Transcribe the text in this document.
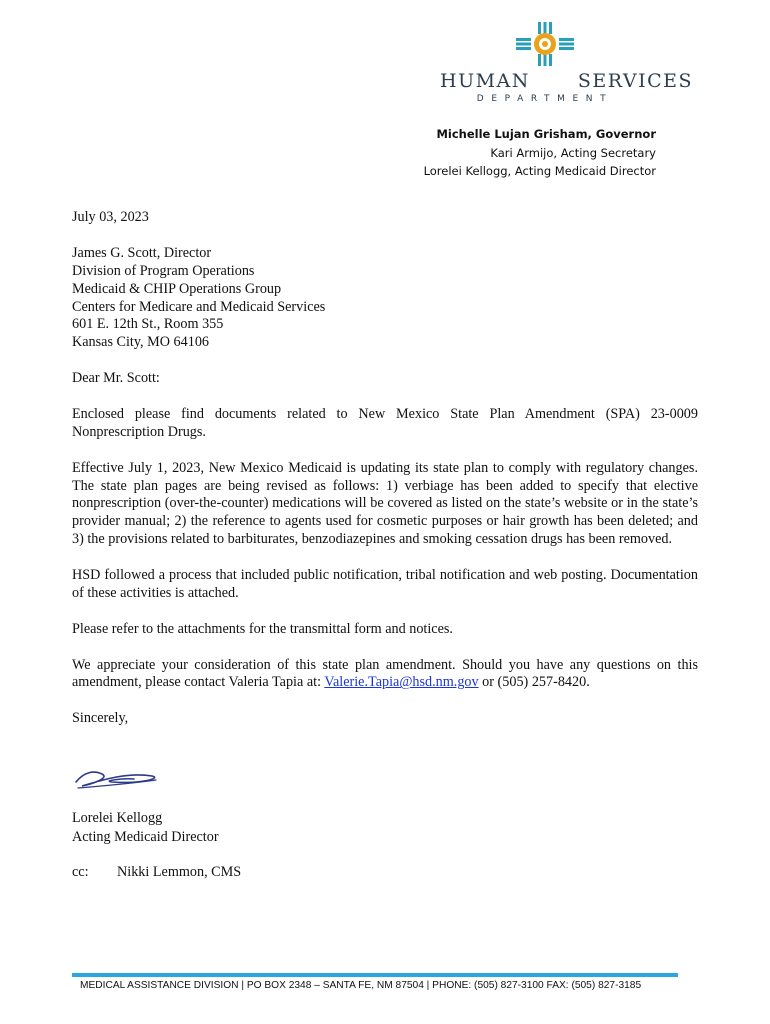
HUMAN	SERVICES
DEPARTMENT
Michelle Lujan Grisham, Governor
Kari Armijo, Acting Secretary
Lorelei Kellogg, Acting Medicaid Director

July 03, 2023

James G. Scott, Director
Division of Program Operations
Medicaid & CHIP Operations Group
Centers for Medicare and Medicaid Services
601 E. 12th St., Room 355
Kansas City, MO 64106

Dear Mr. Scott:

Enclosed please find documents related to New Mexico State Plan Amendment (SPA) 23-0009 Nonprescription Drugs.

Effective July 1, 2023, New Mexico Medicaid is updating its state plan to comply with regulatory changes. The state plan pages are being revised as follows: 1) verbiage has been added to specify that elective nonprescription (over-the-counter) medications will be covered as listed on the state’s website or in the state’s provider manual; 2) the reference to agents used for cosmetic purposes or hair growth has been deleted; and 3) the provisions related to barbiturates, benzodiazepines and smoking cessation drugs has been removed.

HSD followed a process that included public notification, tribal notification and web posting. Documentation of these activities is attached.

Please refer to the attachments for the transmittal form and notices.

We appreciate your consideration of this state plan amendment. Should you have any questions on this amendment, please contact Valeria Tapia at: Valerie.Tapia@hsd.nm.gov or (505) 257-8420.

Sincerely,

Lorelei Kellogg
Acting Medicaid Director
cc: Nikki Lemmon, CMS
MEDICAL ASSISTANCE DIVISION | PO BOX 2348 – SANTA FE, NM 87504 | PHONE: (505) 827-3100 FAX: (505) 827-3185
